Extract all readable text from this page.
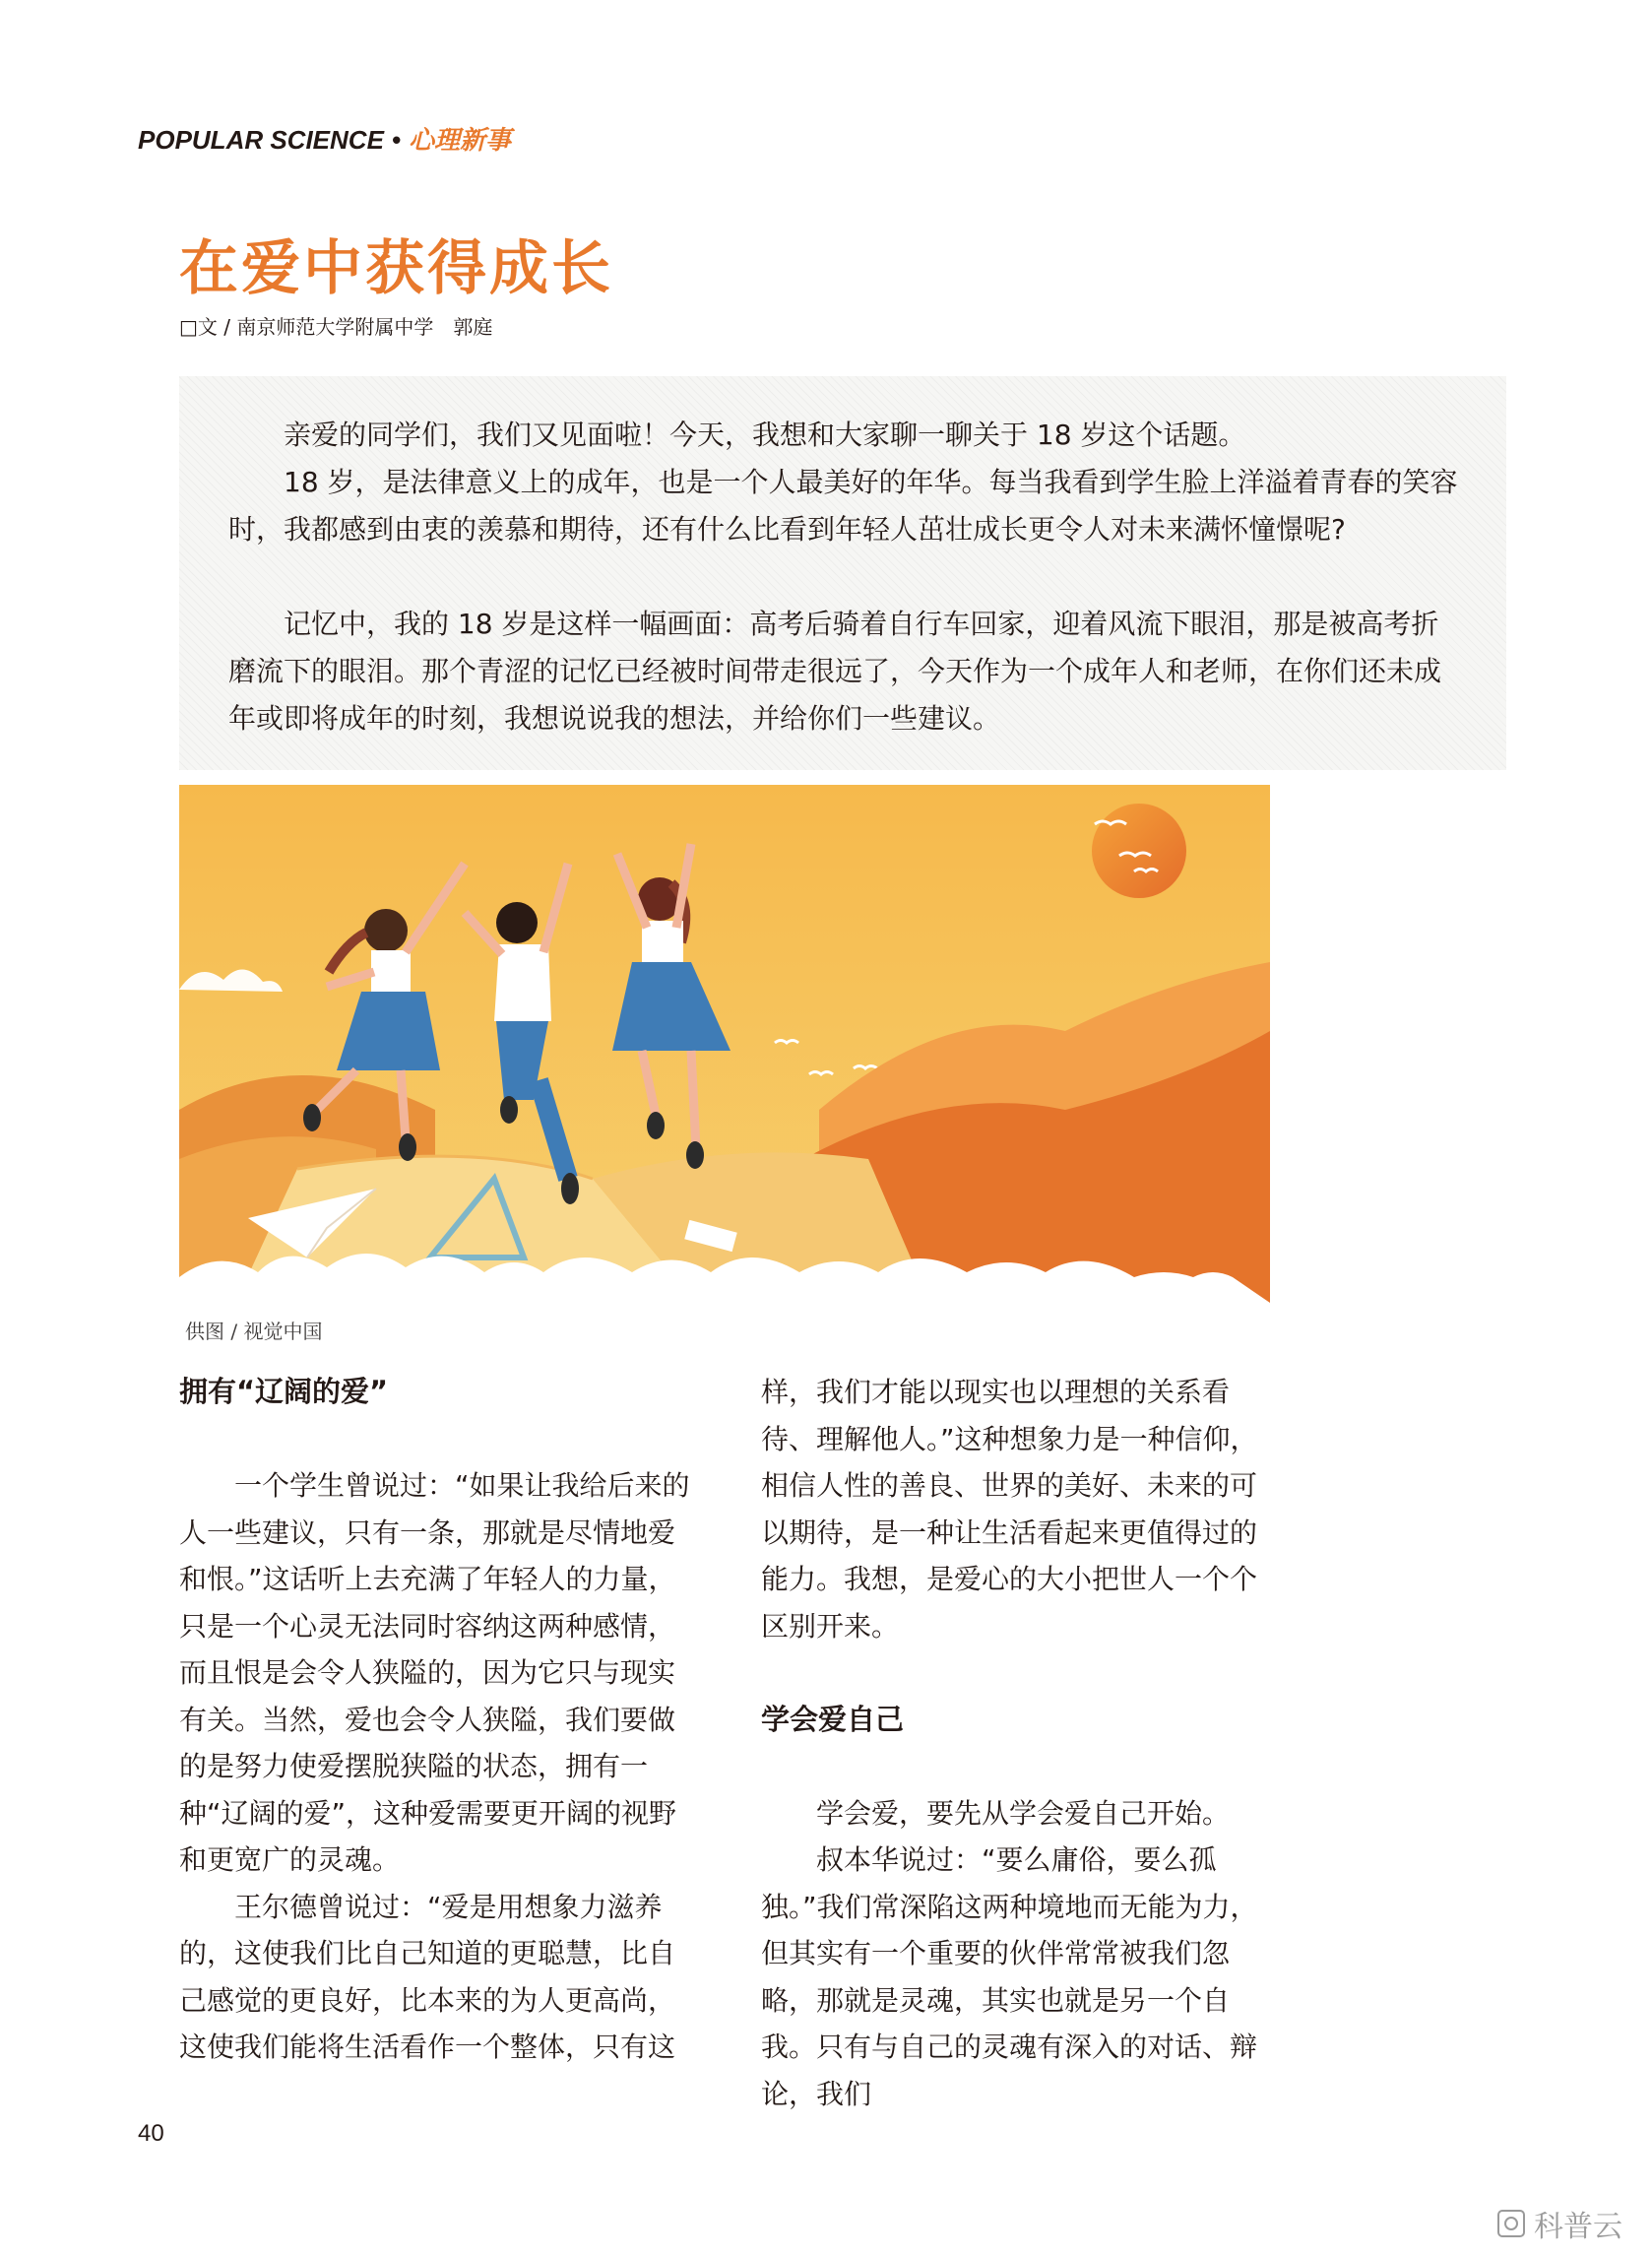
POPULAR SCIENCE • 心理新事
在爱中获得成长
□文 / 南京师范大学附属中学　郭庭

亲爱的同学们，我们又见面啦！今天，我想和大家聊一聊关于 18 岁这个话题。

18 岁，是法律意义上的成年，也是一个人最美好的年华。每当我看到学生脸上洋溢着青春的笑容时，我都感到由衷的羡慕和期待，还有什么比看到年轻人茁壮成长更令人对未来满怀憧憬呢?

记忆中，我的 18 岁是这样一幅画面：高考后骑着自行车回家，迎着风流下眼泪，那是被高考折磨流下的眼泪。那个青涩的记忆已经被时间带走很远了，今天作为一个成年人和老师，在你们还未成年或即将成年的时刻，我想说说我的想法，并给你们一些建议。

供图 / 视觉中国
拥有“辽阔的爱”

一个学生曾说过：“如果让我给后来的人一些建议，只有一条，那就是尽情地爱和恨。”这话听上去充满了年轻人的力量，只是一个心灵无法同时容纳这两种感情，而且恨是会令人狭隘的，因为它只与现实有关。当然，爱也会令人狭隘，我们要做的是努力使爱摆脱狭隘的状态，拥有一种“辽阔的爱”，这种爱需要更开阔的视野和更宽广的灵魂。

王尔德曾说过：“爱是用想象力滋养的，这使我们比自己知道的更聪慧，比自己感觉的更良好，比本来的为人更高尚，这使我们能将生活看作一个整体，只有这

样，我们才能以现实也以理想的关系看待、理解他人。”这种想象力是一种信仰，相信人性的善良、世界的美好、未来的可以期待，是一种让生活看起来更值得过的能力。我想，是爱心的大小把世人一个个区别开来。

学会爱自己

学会爱，要先从学会爱自己开始。

叔本华说过：“要么庸俗，要么孤独。”我们常深陷这两种境地而无能为力，但其实有一个重要的伙伴常常被我们忽略，那就是灵魂，其实也就是另一个自我。只有与自己的灵魂有深入的对话、辩论，我们

40
科普云
